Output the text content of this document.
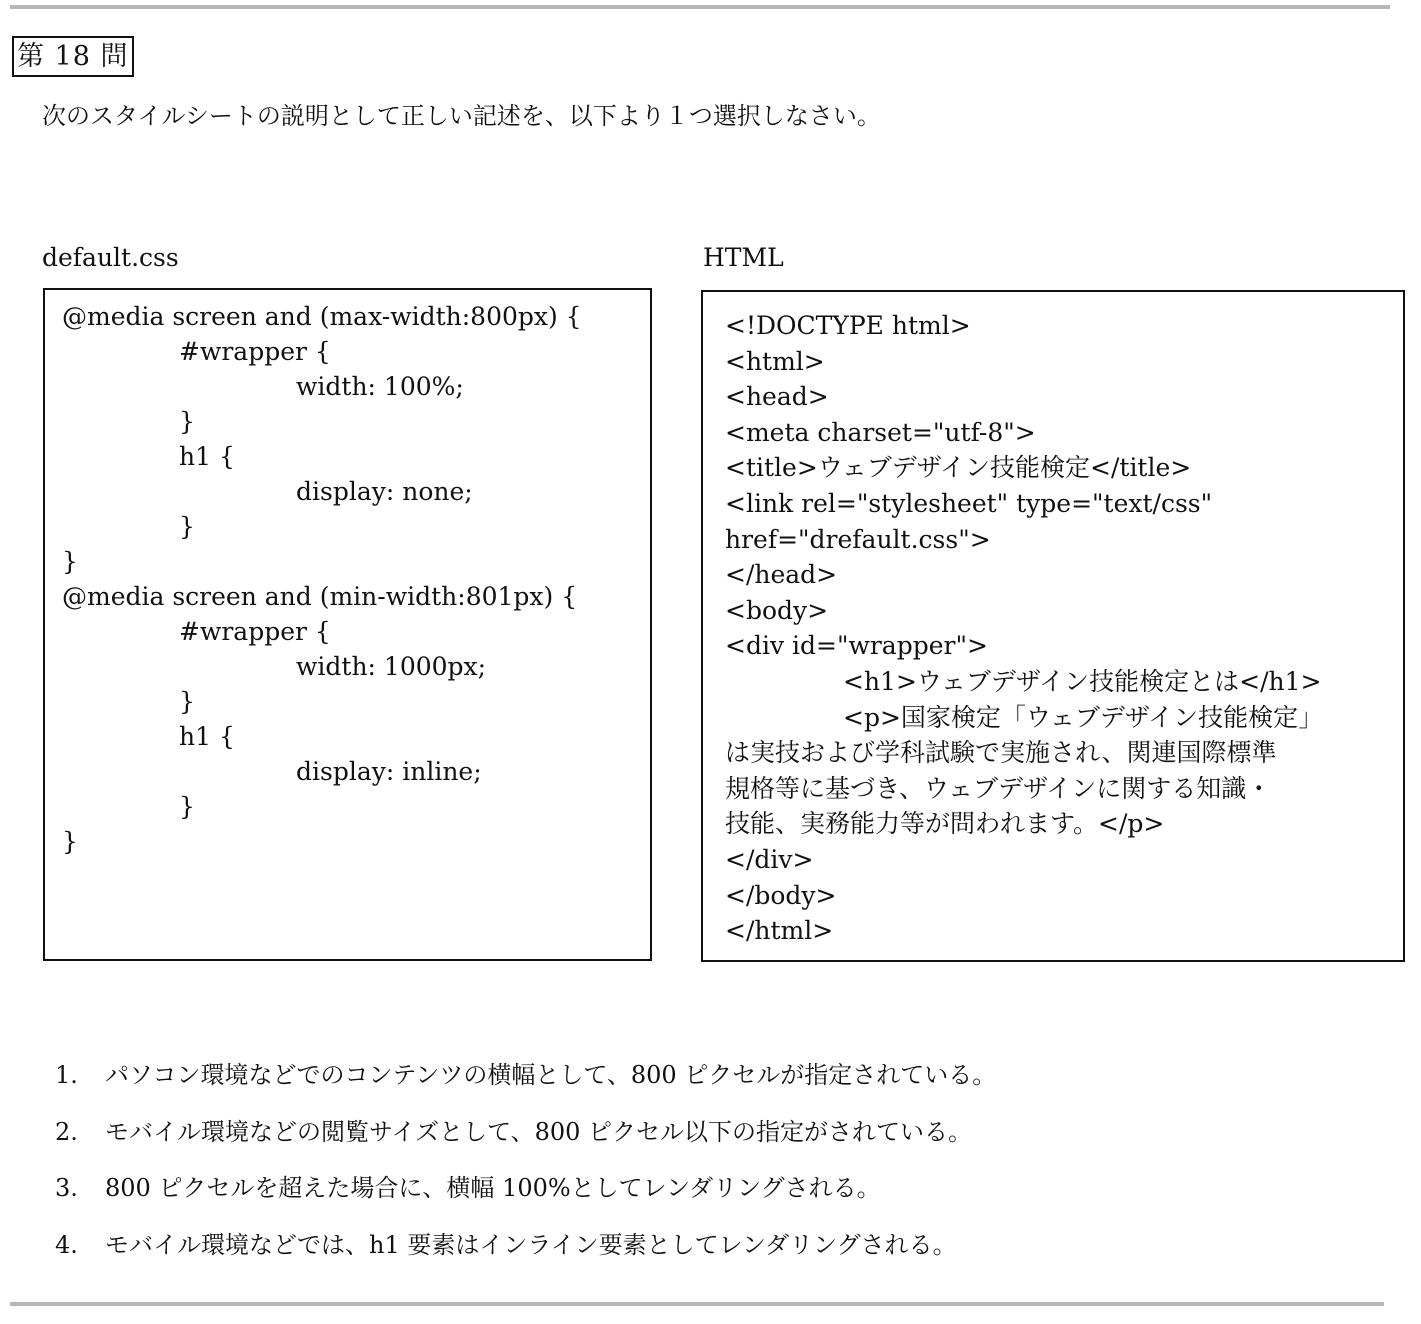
第 18 問
次のスタイルシートの説明として正しい記述を、以下より１つ選択しなさい。
default.css	HTML
@media screen and (max-width:800px) {
#wrapper {
width: 100%;
}
h1 {
display: none;
}
}
@media screen and (min-width:801px) {
#wrapper {
width: 1000px;
}
h1 {
display: inline;
}
}
<!DOCTYPE html>
<html>
<head>
<meta charset="utf-8">
<title>ウェブデザイン技能検定</title>
<link rel="stylesheet" type="text/css"
href="drefault.css">
</head>
<body>
<div id="wrapper">
<h1>ウェブデザイン技能検定とは</h1>
<p>国家検定「ウェブデザイン技能検定」
は実技および学科試験で実施され、関連国際標準
規格等に基づき、ウェブデザインに関する知識・
技能、実務能力等が問われます。</p>
</div>
</body>
</html>
1. パソコン環境などでのコンテンツの横幅として、800 ピクセルが指定されている。
2. モバイル環境などの閲覧サイズとして、800 ピクセル以下の指定がされている。
3. 800 ピクセルを超えた場合に、横幅 100%としてレンダリングされる。
4. モバイル環境などでは、h1 要素はインライン要素としてレンダリングされる。
